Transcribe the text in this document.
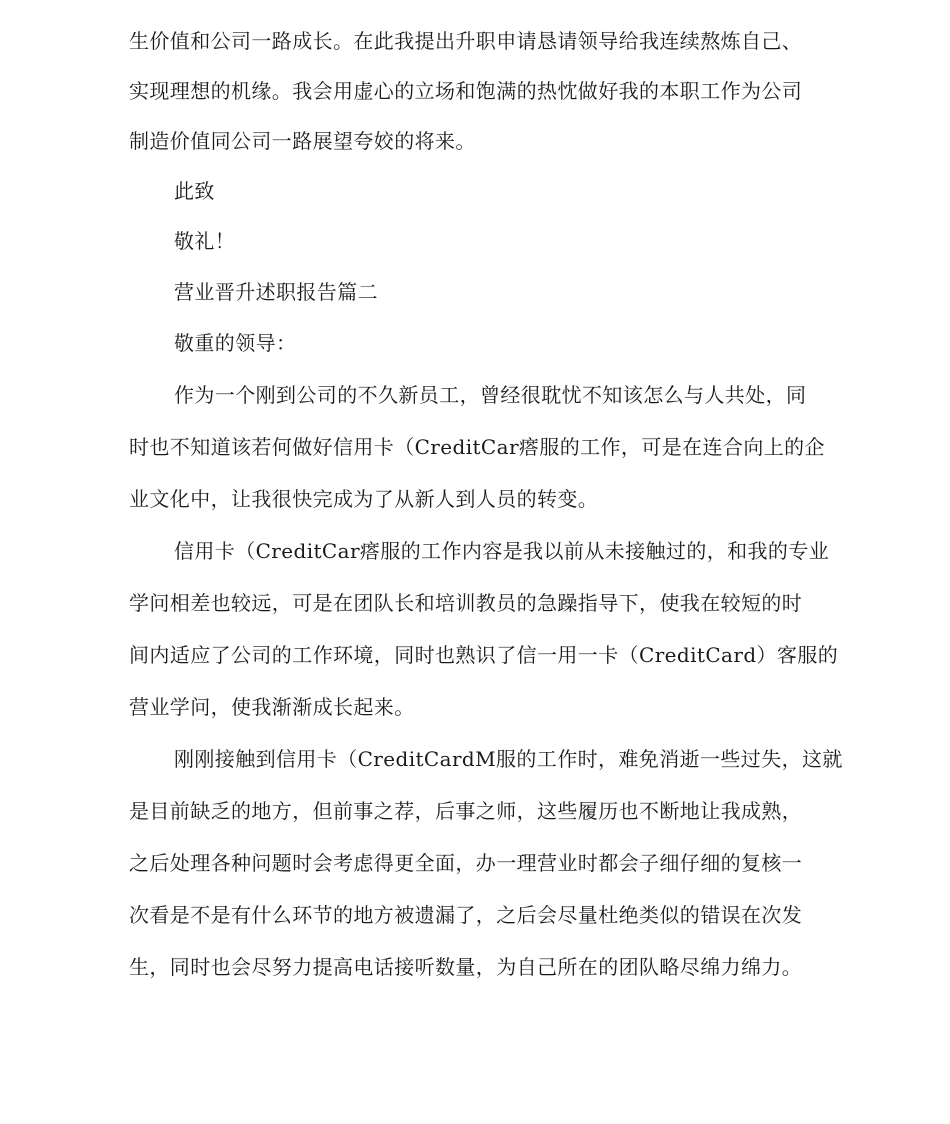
生价值和公司一路成长。在此我提出升职申请恳请领导给我连续熬炼自己、
实现理想的机缘。我会用虚心的立场和饱满的热忱做好我的本职工作为公司
制造价值同公司一路展望夸姣的将来。
此致
敬礼！
营业晋升述职报告篇二
敬重的领导：
作为一个刚到公司的不久新员工，曾经很耽忧不知该怎么与人共处，同
时也不知道该若何做好信用卡（CreditCar瘩服的工作，可是在连合向上的企
业文化中，让我很快完成为了从新人到人员的转变。
信用卡（CreditCar瘩服的工作内容是我以前从未接触过的，和我的专业
学问相差也较远，可是在团队长和培训教员的急躁指导下，使我在较短的时
间内适应了公司的工作环境，同时也熟识了信一用一卡（CreditCard）客服的
营业学问，使我渐渐成长起来。
刚刚接触到信用卡（CreditCardM服的工作时，难免消逝一些过失，这就
是目前缺乏的地方，但前事之荐，后事之师，这些履历也不断地让我成熟，
之后处理各种问题时会考虑得更全面，办一理营业时都会子细仔细的复核一
次看是不是有什么环节的地方被遗漏了，之后会尽量杜绝类似的错误在次发
生，同时也会尽努力提高电话接听数量，为自己所在的团队略尽绵力绵力。
